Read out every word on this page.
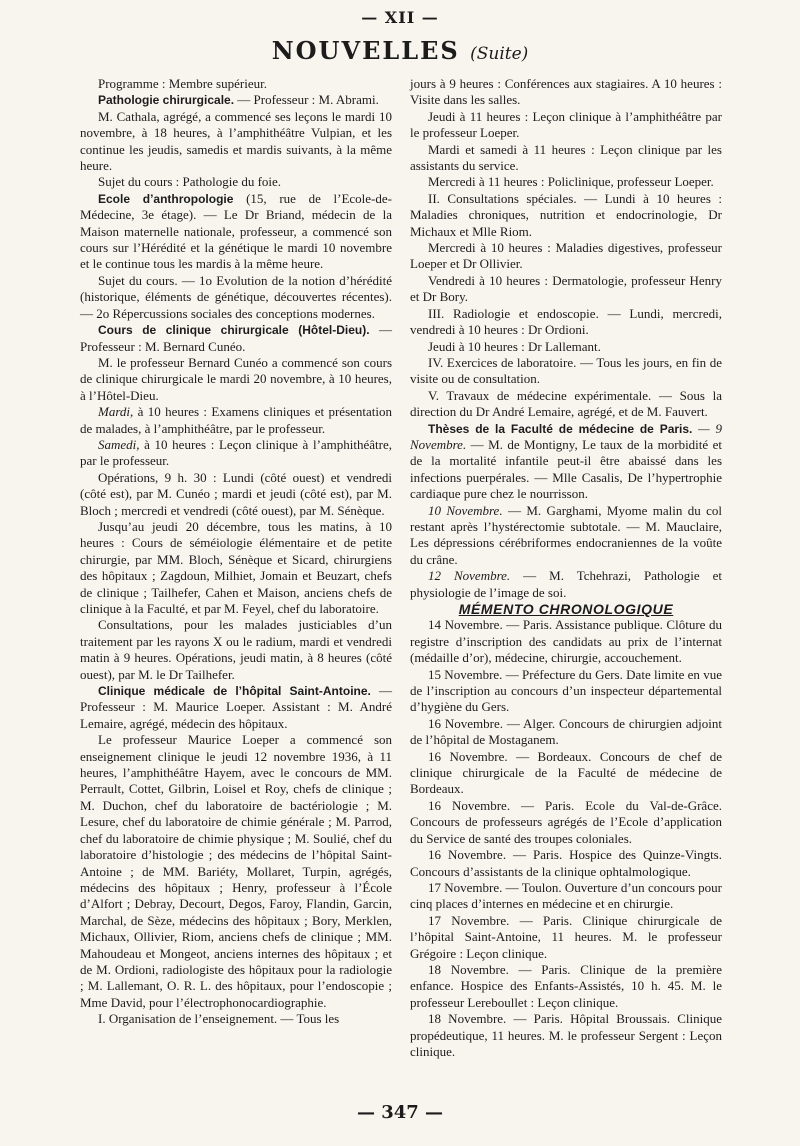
— XII —
NOUVELLES (Suite)

Programme : Membre supérieur.

Pathologie chirurgicale. — Professeur : M. Abrami.

M. Cathala, agrégé, a commencé ses leçons le mardi 10 novembre, à 18 heures, à l’amphithéâtre Vulpian, et les continue les jeudis, samedis et mardis suivants, à la même heure.

Sujet du cours : Pathologie du foie.

Ecole d’anthropologie (15, rue de l’Ecole-de-Médecine, 3e étage). — Le Dr Briand, médecin de la Maison maternelle nationale, professeur, a commencé son cours sur l’Hérédité et la génétique le mardi 10 novembre et le continue tous les mardis à la même heure.

Sujet du cours. — 1o Evolution de la notion d’hérédité (historique, éléments de génétique, découvertes récentes). — 2o Répercussions sociales des conceptions modernes.

Cours de clinique chirurgicale (Hôtel-Dieu). — Professeur : M. Bernard Cunéo.

M. le professeur Bernard Cunéo a commencé son cours de clinique chirurgicale le mardi 20 novembre, à 10 heures, à l’Hôtel-Dieu.

Mardi, à 10 heures : Examens cliniques et présentation de malades, à l’amphithéâtre, par le professeur.

Samedi, à 10 heures : Leçon clinique à l’amphithéâtre, par le professeur.

Opérations, 9 h. 30 : Lundi (côté ouest) et vendredi (côté est), par M. Cunéo ; mardi et jeudi (côté est), par M. Bloch ; mercredi et vendredi (côté ouest), par M. Sénèque.

Jusqu’au jeudi 20 décembre, tous les matins, à 10 heures : Cours de séméiologie élémentaire et de petite chirurgie, par MM. Bloch, Sénèque et Sicard, chirurgiens des hôpitaux ; Zagdoun, Milhiet, Jomain et Beuzart, chefs de clinique ; Tailhefer, Cahen et Maison, anciens chefs de clinique à la Faculté, et par M. Feyel, chef du laboratoire.

Consultations, pour les malades justiciables d’un traitement par les rayons X ou le radium, mardi et vendredi matin à 9 heures. Opérations, jeudi matin, à 8 heures (côté ouest), par M. le Dr Tailhefer.

Clinique médicale de l’hôpital Saint-Antoine. — Professeur : M. Maurice Loeper. Assistant : M. André Lemaire, agrégé, médecin des hôpitaux.

Le professeur Maurice Loeper a commencé son enseignement clinique le jeudi 12 novembre 1936, à 11 heures, l’amphithéâtre Hayem, avec le concours de MM. Perrault, Cottet, Gilbrin, Loisel et Roy, chefs de clinique ; M. Duchon, chef du laboratoire de bactériologie ; M. Lesure, chef du laboratoire de chimie générale ; M. Parrod, chef du laboratoire de chimie physique ; M. Soulié, chef du laboratoire d’histologie ; des médecins de l’hôpital Saint-Antoine ; de MM. Bariéty, Mollaret, Turpin, agrégés, médecins des hôpitaux ; Henry, professeur à l’École d’Alfort ; Debray, Decourt, Degos, Faroy, Flandin, Garcin, Marchal, de Sèze, médecins des hôpitaux ; Bory, Merklen, Michaux, Ollivier, Riom, anciens chefs de clinique ; MM. Mahoudeau et Mongeot, anciens internes des hôpitaux ; et de M. Ordioni, radiologiste des hôpitaux pour la radiologie ; M. Lallemant, O. R. L. des hôpitaux, pour l’endoscopie ; Mme David, pour l’électrophonocardiographie.

I. Organisation de l’enseignement. — Tous les

jours à 9 heures : Conférences aux stagiaires. A 10 heures : Visite dans les salles.

Jeudi à 11 heures : Leçon clinique à l’amphithéâtre par le professeur Loeper.

Mardi et samedi à 11 heures : Leçon clinique par les assistants du service.

Mercredi à 11 heures : Policlinique, professeur Loeper.

II. Consultations spéciales. — Lundi à 10 heures : Maladies chroniques, nutrition et endocrinologie, Dr Michaux et Mlle Riom.

Mercredi à 10 heures : Maladies digestives, professeur Loeper et Dr Ollivier.

Vendredi à 10 heures : Dermatologie, professeur Henry et Dr Bory.

III. Radiologie et endoscopie. — Lundi, mercredi, vendredi à 10 heures : Dr Ordioni.

Jeudi à 10 heures : Dr Lallemant.

IV. Exercices de laboratoire. — Tous les jours, en fin de visite ou de consultation.

V. Travaux de médecine expérimentale. — Sous la direction du Dr André Lemaire, agrégé, et de M. Fauvert.

Thèses de la Faculté de médecine de Paris. — 9 Novembre. — M. de Montigny, Le taux de la morbidité et de la mortalité infantile peut-il être abaissé dans les infections puerpérales. — Mlle Casalis, De l’hypertrophie cardiaque pure chez le nourrisson.

10 Novembre. — M. Garghami, Myome malin du col restant après l’hystérectomie subtotale. — M. Mauclaire, Les dépressions cérébriformes endocraniennes de la voûte du crâne.

12 Novembre. — M. Tchehrazi, Pathologie et physiologie de l’image de soi.

MÉMENTO CHRONOLOGIQUE

14 Novembre. — Paris. Assistance publique. Clôture du registre d’inscription des candidats au prix de l’internat (médaille d’or), médecine, chirurgie, accouchement.

15 Novembre. — Préfecture du Gers. Date limite en vue de l’inscription au concours d’un inspecteur départemental d’hygiène du Gers.

16 Novembre. — Alger. Concours de chirurgien adjoint de l’hôpital de Mostaganem.

16 Novembre. — Bordeaux. Concours de chef de clinique chirurgicale de la Faculté de médecine de Bordeaux.

16 Novembre. — Paris. Ecole du Val-de-Grâce. Concours de professeurs agrégés de l’Ecole d’application du Service de santé des troupes coloniales.

16 Novembre. — Paris. Hospice des Quinze-Vingts. Concours d’assistants de la clinique ophtalmologique.

17 Novembre. — Toulon. Ouverture d’un concours pour cinq places d’internes en médecine et en chirurgie.

17 Novembre. — Paris. Clinique chirurgicale de l’hôpital Saint-Antoine, 11 heures. M. le professeur Grégoire : Leçon clinique.

18 Novembre. — Paris. Clinique de la première enfance. Hospice des Enfants-Assistés, 10 h. 45. M. le professeur Lereboullet : Leçon clinique.

18 Novembre. — Paris. Hôpital Broussais. Clinique propédeutique, 11 heures. M. le professeur Sergent : Leçon clinique.

— 347 —
